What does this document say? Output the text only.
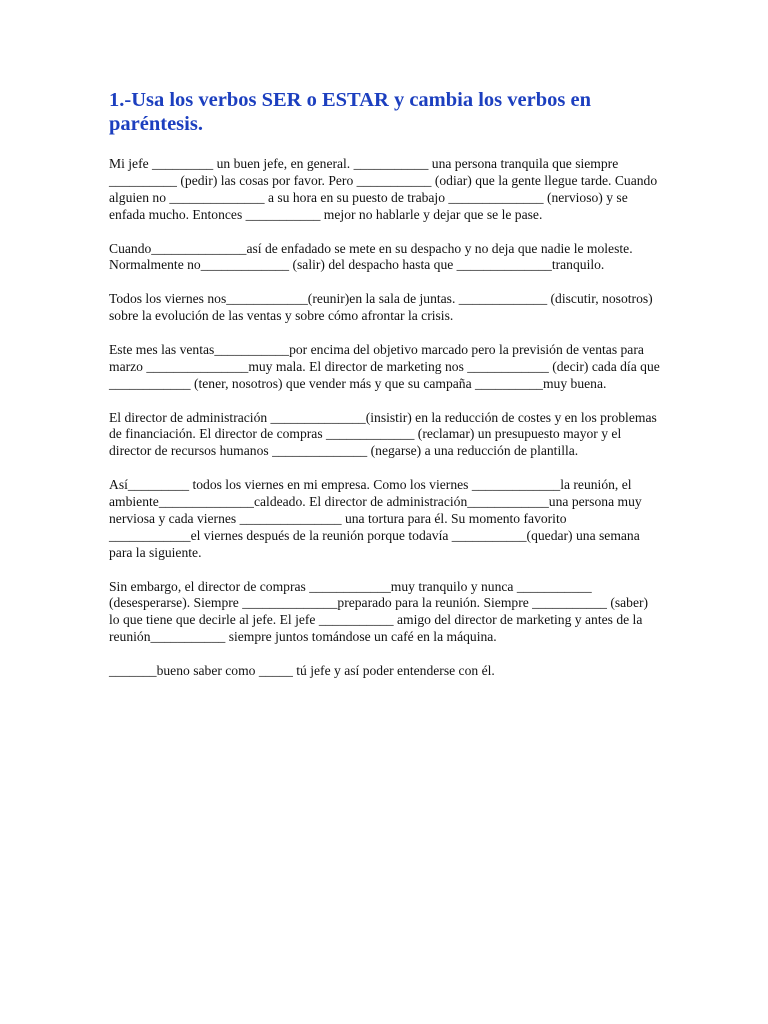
1.-Usa los verbos SER o ESTAR y cambia los verbos en paréntesis.

Mi jefe _________ un buen jefe, en general. ___________ una persona tranquila que siempre __________ (pedir) las cosas por favor. Pero ___________ (odiar) que la gente llegue tarde. Cuando alguien no ______________ a su hora en su puesto de trabajo ______________ (nervioso) y se enfada mucho. Entonces ___________ mejor no hablarle y dejar que se le pase.

Cuando______________así de enfadado se mete en su despacho y no deja que nadie le moleste. Normalmente no_____________ (salir) del despacho hasta que ______________tranquilo.

Todos los viernes nos____________(reunir)en la sala de juntas. _____________ (discutir, nosotros) sobre la evolución de las ventas y sobre cómo afrontar la crisis.

Este mes las ventas___________por encima del objetivo marcado pero la previsión de ventas para marzo _______________muy mala. El director de marketing nos ____________ (decir) cada día que ____________ (tener, nosotros) que vender más y que su campaña __________muy buena.

El director de administración ______________(insistir) en la reducción de costes y en los problemas de financiación. El director de compras _____________ (reclamar) un presupuesto mayor y el director de recursos humanos ______________ (negarse) a una reducción de plantilla.

Así_________ todos los viernes en mi empresa. Como los viernes _____________la reunión, el ambiente______________caldeado. El director de administración____________una persona muy nerviosa y cada viernes _______________ una tortura para él. Su momento favorito ____________el viernes después de la reunión porque todavía ___________(quedar) una semana para la siguiente.

Sin embargo, el director de compras ____________muy tranquilo y nunca ___________ (desesperarse). Siempre ______________preparado para la reunión. Siempre ___________ (saber) lo que tiene que decirle al jefe. El jefe ___________ amigo del director de marketing y antes de la reunión___________ siempre juntos tomándose un café en la máquina.

_______bueno saber como _____ tú jefe y así poder entenderse con él.
